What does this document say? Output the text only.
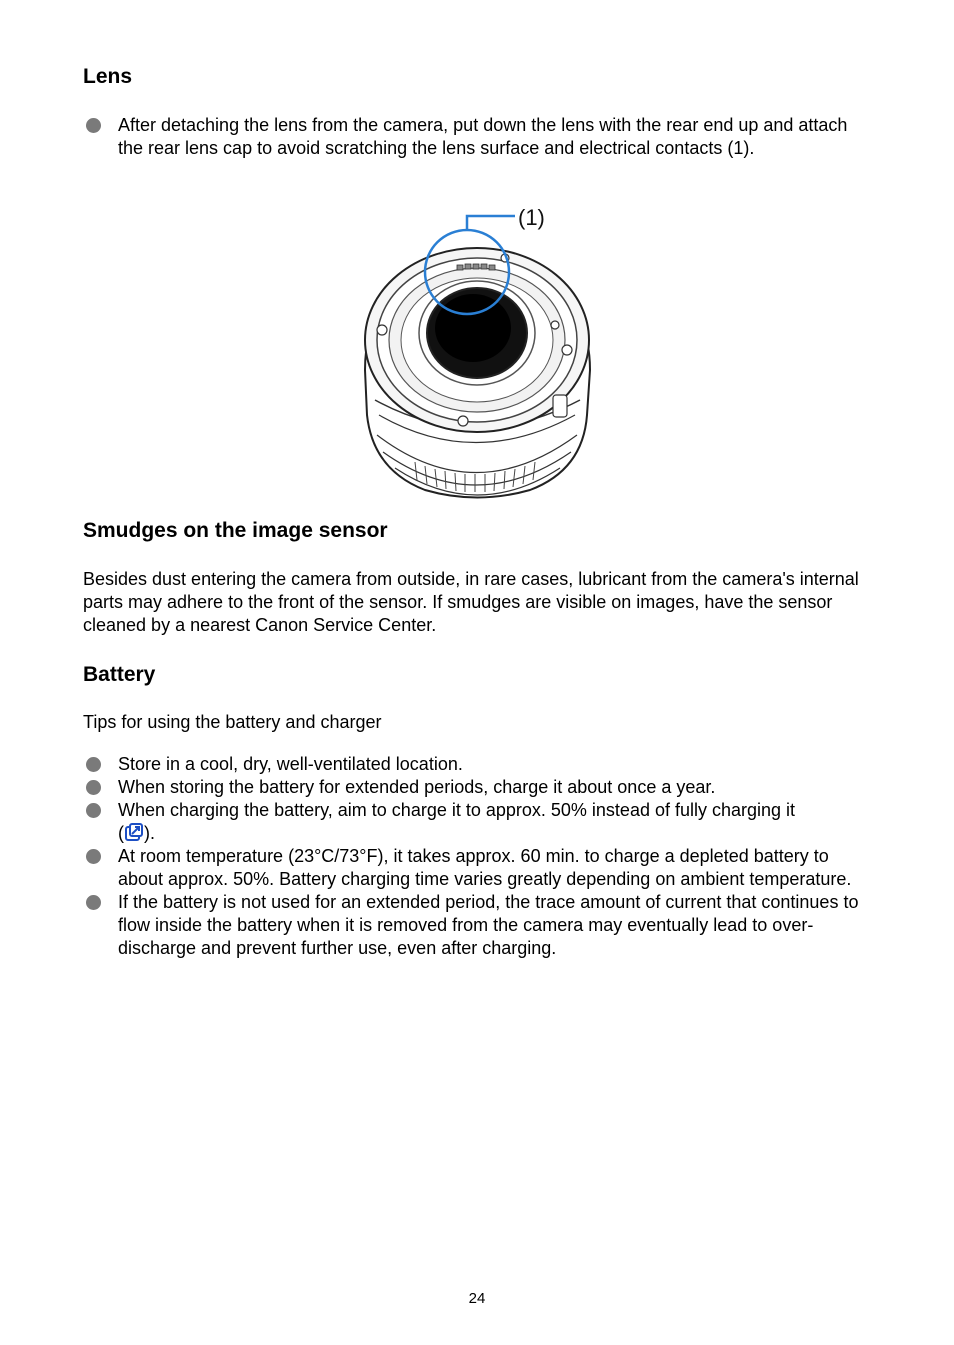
Lens
After detaching the lens from the camera, put down the lens with the rear end up and attach the rear lens cap to avoid scratching the lens surface and electrical contacts (1).
(1)
Smudges on the image sensor

Besides dust entering the camera from outside, in rare cases, lubricant from the camera's internal parts may adhere to the front of the sensor. If smudges are visible on images, have the sensor cleaned by a nearest Canon Service Center.

Battery

Tips for using the battery and charger

Store in a cool, dry, well-ventilated location.
When storing the battery for extended periods, charge it about once a year.
When charging the battery, aim to charge it to approx. 50% instead of fully charging it
( ).
At room temperature (23°C/73°F), it takes approx. 60 min. to charge a depleted battery to about approx. 50%. Battery charging time varies greatly depending on ambient temperature.
If the battery is not used for an extended period, the trace amount of current that continues to flow inside the battery when it is removed from the camera may eventually lead to over-discharge and prevent further use, even after charging.
24
